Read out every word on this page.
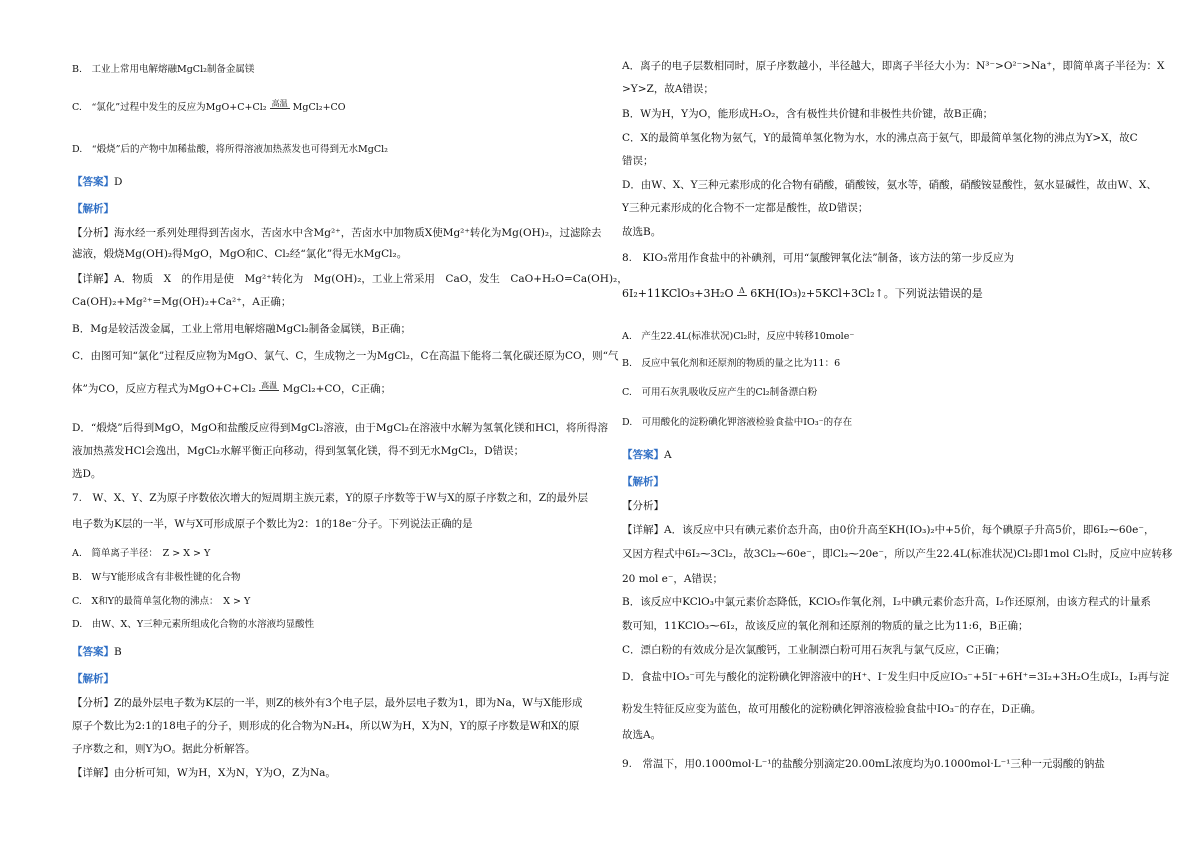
B.　工业上常用电解熔融MgCl₂制备金属镁
C.　“氯化”过程中发生的反应为MgO+C+Cl₂ 高温 MgCl₂+CO
D.　“煅烧”后的产物中加稀盐酸，将所得溶液加热蒸发也可得到无水MgCl₂
【答案】D
【解析】
【分析】海水经一系列处理得到苦卤水，苦卤水中含Mg²⁺，苦卤水中加物质X使Mg²⁺转化为Mg(OH)₂，过滤除去
滤液，煅烧Mg(OH)₂得MgO，MgO和C、Cl₂经“氯化”得无水MgCl₂。
【详解】A．物质　X　的作用是使　Mg²⁺转化为　Mg(OH)₂，工业上常采用　CaO，发生　CaO+H₂O=Ca(OH)₂，
Ca(OH)₂+Mg²⁺=Mg(OH)₂+Ca²⁺，A正确；
B．Mg是较活泼金属，工业上常用电解熔融MgCl₂制备金属镁，B正确；
C．由图可知“氯化”过程反应物为MgO、氯气、C，生成物之一为MgCl₂，C在高温下能将二氧化碳还原为CO，则“气
体”为CO，反应方程式为MgO+C+Cl₂ 高温 MgCl₂+CO，C正确；
D．“煅烧”后得到MgO，MgO和盐酸反应得到MgCl₂溶液，由于MgCl₂在溶液中水解为氢氧化镁和HCl，将所得溶
液加热蒸发HCl会逸出，MgCl₂水解平衡正向移动，得到氢氧化镁，得不到无水MgCl₂，D错误；
选D。
7.　W、X、Y、Z为原子序数依次增大的短周期主族元素，Y的原子序数等于W与X的原子序数之和，Z的最外层
电子数为K层的一半，W与X可形成原子个数比为2：1的18e⁻分子。下列说法正确的是
A.　简单离子半径：　Z > X > Y
B.　W与Y能形成含有非极性键的化合物
C.　X和Y的最简单氢化物的沸点：　X > Y
D.　由W、X、Y三种元素所组成化合物的水溶液均显酸性
【答案】B
【解析】
【分析】Z的最外层电子数为K层的一半，则Z的核外有3个电子层，最外层电子数为1，即为Na，W与X能形成
原子个数比为2:1的18电子的分子，则形成的化合物为N₂H₄，所以W为H，X为N，Y的原子序数是W和X的原
子序数之和，则Y为O。据此分析解答。
【详解】由分析可知，W为H，X为N，Y为O，Z为Na。
A．离子的电子层数相同时，原子序数越小，半径越大，即离子半径大小为：N³⁻>O²⁻>Na⁺，即简单离子半径为：X
>Y>Z，故A错误；
B．W为H，Y为O，能形成H₂O₂，含有极性共价键和非极性共价键，故B正确；
C．X的最简单氢化物为氨气，Y的最简单氢化物为水，水的沸点高于氨气，即最简单氢化物的沸点为Y>X，故C
错误；
D．由W、X、Y三种元素形成的化合物有硝酸，硝酸铵，氨水等，硝酸，硝酸铵显酸性，氨水显碱性，故由W、X、
Y三种元素形成的化合物不一定都是酸性，故D错误；
故选B。
8.　KIO₃常用作食盐中的补碘剂，可用“氯酸钾氧化法”制备，该方法的第一步反应为
6I₂+11KClO₃+3H₂O Δ 6KH(IO₃)₂+5KCl+3Cl₂↑。下列说法错误的是
A.　产生22.4L(标准状况)Cl₂时，反应中转移10mole⁻
B.　反应中氧化剂和还原剂的物质的量之比为11：6
C.　可用石灰乳吸收反应产生的Cl₂制备漂白粉
D.　可用酸化的淀粉碘化钾溶液检验食盐中IO₃⁻的存在
【答案】A
【解析】
【分析】
【详解】A．该反应中只有碘元素价态升高，由0价升高至KH(IO₃)₂中+5价，每个碘原子升高5价，即6I₂⁓60e⁻，
又因方程式中6I₂⁓3Cl₂，故3Cl₂⁓60e⁻，即Cl₂⁓20e⁻，所以产生22.4L(标准状况)Cl₂即1mol Cl₂时，反应中应转移
20 mol e⁻，A错误；
B．该反应中KClO₃中氯元素价态降低，KClO₃作氧化剂，I₂中碘元素价态升高，I₂作还原剂，由该方程式的计量系
数可知，11KClO₃⁓6I₂，故该反应的氧化剂和还原剂的物质的量之比为11:6，B正确；
C．漂白粉的有效成分是次氯酸钙，工业制漂白粉可用石灰乳与氯气反应，C正确；
D．食盐中IO₃⁻可先与酸化的淀粉碘化钾溶液中的H⁺、I⁻发生归中反应IO₃⁻+5I⁻+6H⁺=3I₂+3H₂O生成I₂，I₂再与淀
粉发生特征反应变为蓝色，故可用酸化的淀粉碘化钾溶液检验食盐中IO₃⁻的存在，D正确。
故选A。
9.　常温下，用0.1000mol·L⁻¹的盐酸分别滴定20.00mL浓度均为0.1000mol·L⁻¹三种一元弱酸的钠盐
